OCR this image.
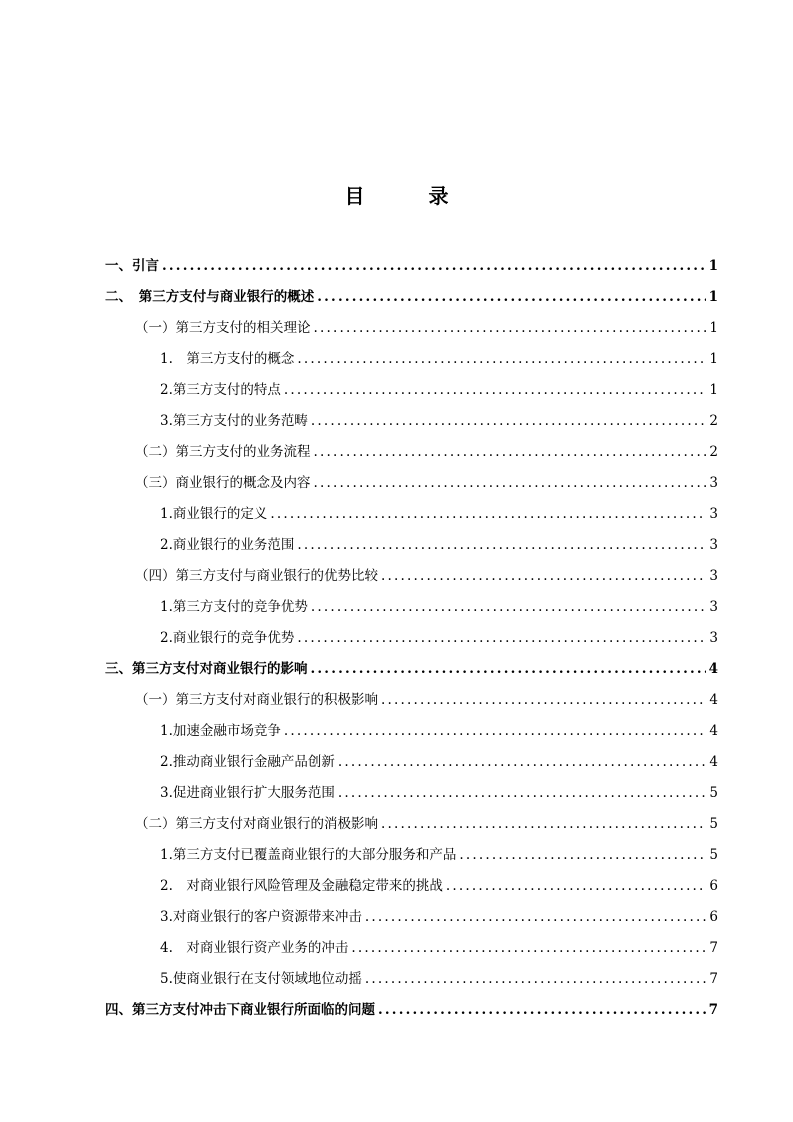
目　录
一、引言 .....	1
二、　第三方支付与商业银行的概述 .....	1
（一）第三方支付的相关理论 .....	1
1.　第三方支付的概念 .....	1
2.第三方支付的特点 .....	1
3.第三方支付的业务范畴 .....	2
（二）第三方支付的业务流程 .....	2
（三）商业银行的概念及内容 .....	3
1.商业银行的定义 .....	3
2.商业银行的业务范围 .....	3
（四）第三方支付与商业银行的优势比较 .....	3
1.第三方支付的竞争优势 .....	3
2.商业银行的竞争优势 .....	3
三、第三方支付对商业银行的影响 .....	4
（一）第三方支付对商业银行的积极影响 .....	4
1.加速金融市场竞争 .....	4
2.推动商业银行金融产品创新 .....	4
3.促进商业银行扩大服务范围 .....	5
（二）第三方支付对商业银行的消极影响 .....	5
1.第三方支付已覆盖商业银行的大部分服务和产品 .....	5
2.　对商业银行风险管理及金融稳定带来的挑战 .....	6
3.对商业银行的客户资源带来冲击 .....	6
4.　对商业银行资产业务的冲击 .....	7
5.使商业银行在支付领域地位动摇 .....	7
四、第三方支付冲击下商业银行所面临的问题 .....	7
